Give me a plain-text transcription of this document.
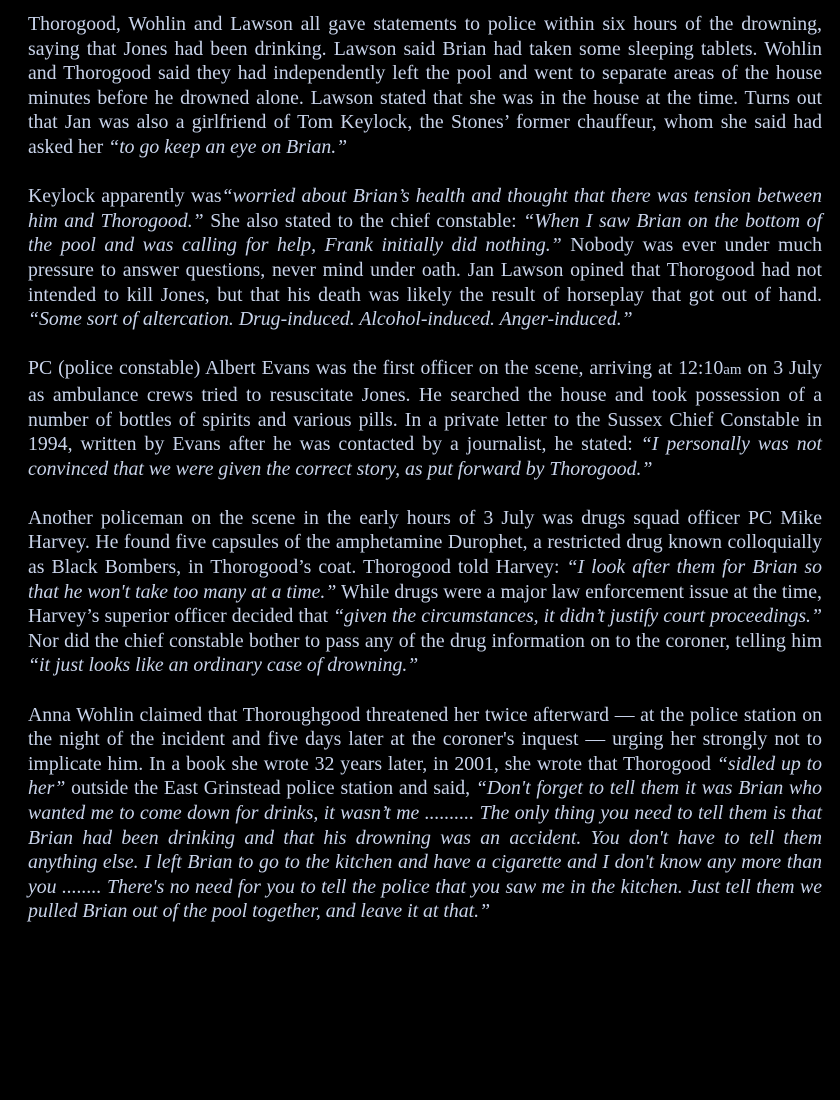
Thorogood, Wohlin and Lawson all gave statements to police within six hours of the drowning, saying that Jones had been drinking. Lawson said Brian had taken some sleeping tablets. Wohlin and Thorogood said they had independently left the pool and went to separate areas of the house minutes before he drowned alone. Lawson stated that she was in the house at the time. Turns out that Jan was also a girlfriend of Tom Keylock, the Stones’ former chauffeur, whom she said had asked her “to go keep an eye on Brian.”

Keylock apparently was“worried about Brian’s health and thought that there was tension between him and Thorogood.” She also stated to the chief constable: “When I saw Brian on the bottom of the pool and was calling for help, Frank initially did nothing.” Nobody was ever under much pressure to answer questions, never mind under oath. Jan Lawson opined that Thorogood had not intended to kill Jones, but that his death was likely the result of horseplay that got out of hand. “Some sort of altercation. Drug-induced. Alcohol-induced. Anger-induced.”

PC (police constable) Albert Evans was the first officer on the scene, arriving at 12:10am on 3 July as ambulance crews tried to resuscitate Jones. He searched the house and took possession of a number of bottles of spirits and various pills. In a private letter to the Sussex Chief Constable in 1994, written by Evans after he was contacted by a journalist, he stated: “I personally was not convinced that we were given the correct story, as put forward by Thorogood.”

Another policeman on the scene in the early hours of 3 July was drugs squad officer PC Mike Harvey. He found five capsules of the amphetamine Durophet, a restricted drug known colloquially as Black Bombers, in Thorogood’s coat. Thorogood told Harvey: “I look after them for Brian so that he won't take too many at a time.” While drugs were a major law enforcement issue at the time, Harvey’s superior officer decided that “given the circumstances, it didn’t justify court proceedings.” Nor did the chief constable bother to pass any of the drug information on to the coroner, telling him “it just looks like an ordinary case of drowning.”

Anna Wohlin claimed that Thoroughgood threatened her twice afterward — at the police station on the night of the incident and five days later at the coroner's inquest — urging her strongly not to implicate him. In a book she wrote 32 years later, in 2001, she wrote that Thorogood “sidled up to her” outside the East Grinstead police station and said, “Don't forget to tell them it was Brian who wanted me to come down for drinks, it wasn’t me .......... The only thing you need to tell them is that Brian had been drinking and that his drowning was an accident. You don't have to tell them anything else. I left Brian to go to the kitchen and have a cigarette and I don't know any more than you ........ There's no need for you to tell the police that you saw me in the kitchen. Just tell them we pulled Brian out of the pool together, and leave it at that.”
